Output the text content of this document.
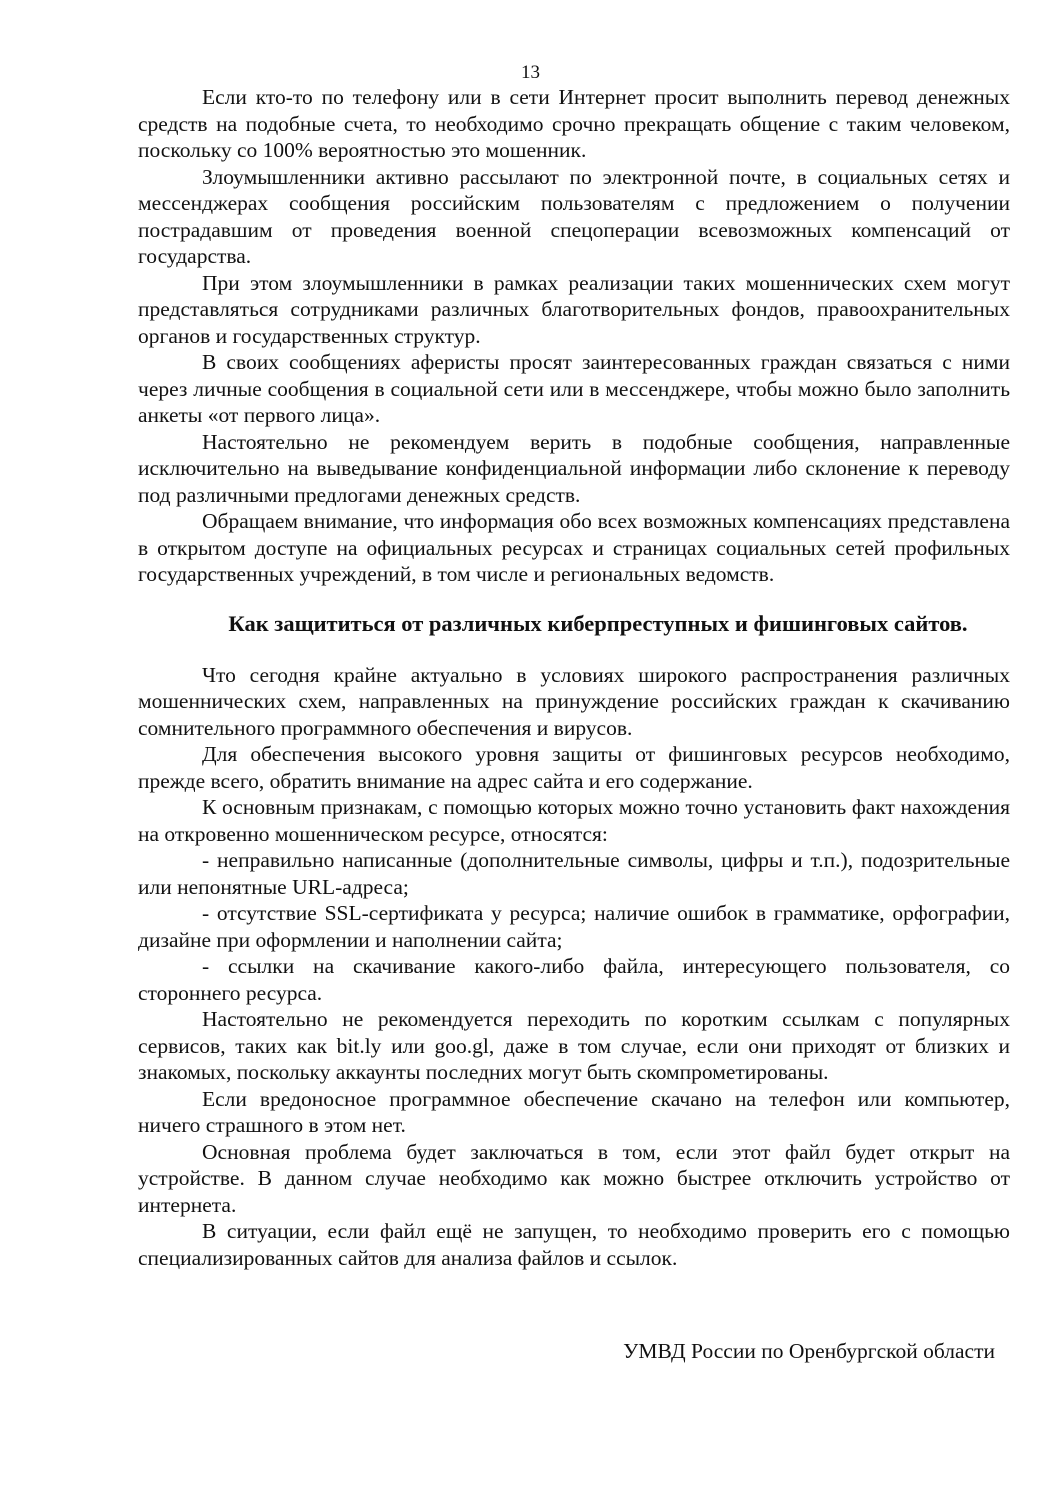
13

Если кто-то по телефону или в сети Интернет просит выполнить перевод денежных средств на подобные счета, то необходимо срочно прекращать общение с таким человеком, поскольку со 100% вероятностью это мошенник.

Злоумышленники активно рассылают по электронной почте, в социальных сетях и мессенджерах сообщения российским пользователям с предложением о получении пострадавшим от проведения военной спецоперации всевозможных компенсаций от государства.

При этом злоумышленники в рамках реализации таких мошеннических схем могут представляться сотрудниками различных благотворительных фондов, правоохранительных органов и государственных структур.

В своих сообщениях аферисты просят заинтересованных граждан связаться с ними через личные сообщения в социальной сети или в мессенджере, чтобы можно было заполнить анкеты «от первого лица».

Настоятельно не рекомендуем верить в подобные сообщения, направленные исключительно на выведывание конфиденциальной информации либо склонение к переводу под различными предлогами денежных средств.

Обращаем внимание, что информация обо всех возможных компенсациях представлена в открытом доступе на официальных ресурсах и страницах социальных сетей профильных государственных учреждений, в том числе и региональных ведомств.

Как защититься от различных киберпреступных и фишинговых сайтов.

Что сегодня крайне актуально в условиях широкого распространения различных мошеннических схем, направленных на принуждение российских граждан к скачиванию сомнительного программного обеспечения и вирусов.

Для обеспечения высокого уровня защиты от фишинговых ресурсов необходимо, прежде всего, обратить внимание на адрес сайта и его содержание.

К основным признакам, с помощью которых можно точно установить факт нахождения на откровенно мошенническом ресурсе, относятся:

- неправильно написанные (дополнительные символы, цифры и т.п.), подозрительные или непонятные URL-адреса;

- отсутствие SSL-сертификата у ресурса; наличие ошибок в грамматике, орфографии, дизайне при оформлении и наполнении сайта;

- ссылки на скачивание какого-либо файла, интересующего пользователя, со стороннего ресурса.

Настоятельно не рекомендуется переходить по коротким ссылкам с популярных сервисов, таких как bit.ly или goo.gl, даже в том случае, если они приходят от близких и знакомых, поскольку аккаунты последних могут быть скомпрометированы.

Если вредоносное программное обеспечение скачано на телефон или компьютер, ничего страшного в этом нет.

Основная проблема будет заключаться в том, если этот файл будет открыт на устройстве. В данном случае необходимо как можно быстрее отключить устройство от интернета.

В ситуации, если файл ещё не запущен, то необходимо проверить его с помощью специализированных сайтов для анализа файлов и ссылок.

УМВД России по Оренбургской области
